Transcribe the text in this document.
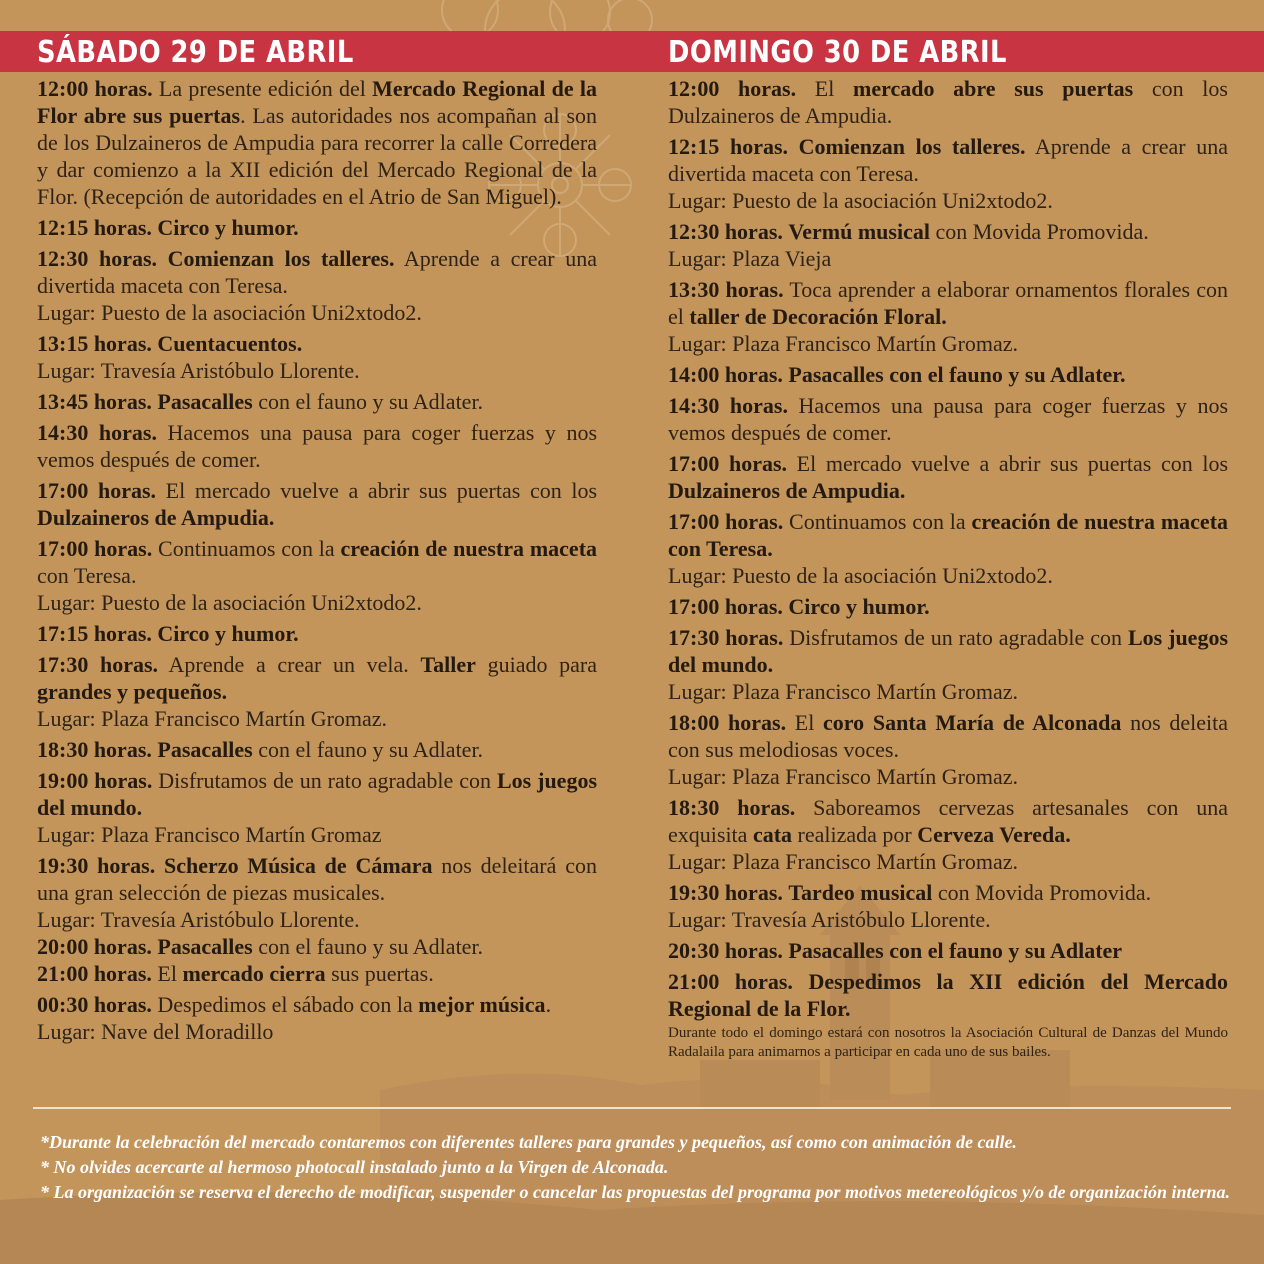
SÁBADO 29 DE ABRIL	DOMINGO 30 DE ABRIL

12:00 horas. La presente edición del Mercado Regional de la Flor abre sus puertas. Las autoridades nos acompañan al son de los Dulzaineros de Ampudia para recorrer la calle Corredera y dar comienzo a la XII edición del Mercado Regional de la Flor. (Recepción de autoridades en el Atrio de San Miguel).

12:15 horas. Circo y humor.

12:30 horas. Comienzan los talleres. Aprende a crear una divertida maceta con Teresa.
Lugar: Puesto de la asociación Uni2xtodo2.

13:15 horas. Cuentacuentos.
Lugar: Travesía Aristóbulo Llorente.

13:45 horas. Pasacalles con el fauno y su Adlater.

14:30 horas. Hacemos una pausa para coger fuerzas y nos vemos después de comer.

17:00 horas. El mercado vuelve a abrir sus puertas con los Dulzaineros de Ampudia.

17:00 horas. Continuamos con la creación de nuestra maceta con Teresa.
Lugar: Puesto de la asociación Uni2xtodo2.

17:15 horas. Circo y humor.

17:30 horas. Aprende a crear un vela. Taller guiado para grandes y pequeños.
Lugar: Plaza Francisco Martín Gromaz.

18:30 horas. Pasacalles con el fauno y su Adlater.

19:00 horas. Disfrutamos de un rato agradable con Los juegos del mundo.
Lugar: Plaza Francisco Martín Gromaz

19:30 horas. Scherzo Música de Cámara nos deleitará con una gran selección de piezas musicales.
Lugar: Travesía Aristóbulo Llorente.

20:00 horas. Pasacalles con el fauno y su Adlater.

21:00 horas. El mercado cierra sus puertas.

00:30 horas. Despedimos el sábado con la mejor música.
Lugar: Nave del Moradillo

12:00 horas. El mercado abre sus puertas con los Dulzaineros de Ampudia.

12:15 horas. Comienzan los talleres. Aprende a crear una divertida maceta con Teresa.
Lugar: Puesto de la asociación Uni2xtodo2.

12:30 horas. Vermú musical con Movida Promovida.
Lugar: Plaza Vieja

13:30 horas. Toca aprender a elaborar ornamentos florales con el taller de Decoración Floral.
Lugar: Plaza Francisco Martín Gromaz.

14:00 horas. Pasacalles con el fauno y su Adlater.

14:30 horas. Hacemos una pausa para coger fuerzas y nos vemos después de comer.

17:00 horas. El mercado vuelve a abrir sus puertas con los Dulzaineros de Ampudia.

17:00 horas. Continuamos con la creación de nuestra maceta con Teresa.
Lugar: Puesto de la asociación Uni2xtodo2.

17:00 horas. Circo y humor.

17:30 horas. Disfrutamos de un rato agradable con Los juegos del mundo.
Lugar: Plaza Francisco Martín Gromaz.

18:00 horas. El coro Santa María de Alconada nos deleita con sus melodiosas voces.
Lugar: Plaza Francisco Martín Gromaz.

18:30 horas. Saboreamos cervezas artesanales con una exquisita cata realizada por Cerveza Vereda.
Lugar: Plaza Francisco Martín Gromaz.

19:30 horas. Tardeo musical con Movida Promovida.
Lugar: Travesía Aristóbulo Llorente.

20:30 horas. Pasacalles con el fauno y su Adlater

21:00 horas. Despedimos la XII edición del Mercado Regional de la Flor.

Durante todo el domingo estará con nosotros la Asociación Cultural de Danzas del Mundo Radalaila para animarnos a participar en cada uno de sus bailes.

*Durante la celebración del mercado contaremos con diferentes talleres para grandes y pequeños, así como con animación de calle.

* No olvides acercarte al hermoso photocall instalado junto a la Virgen de Alconada.

* La organización se reserva el derecho de modificar, suspender o cancelar las propuestas del programa por motivos metereológicos y/o de organización interna.
